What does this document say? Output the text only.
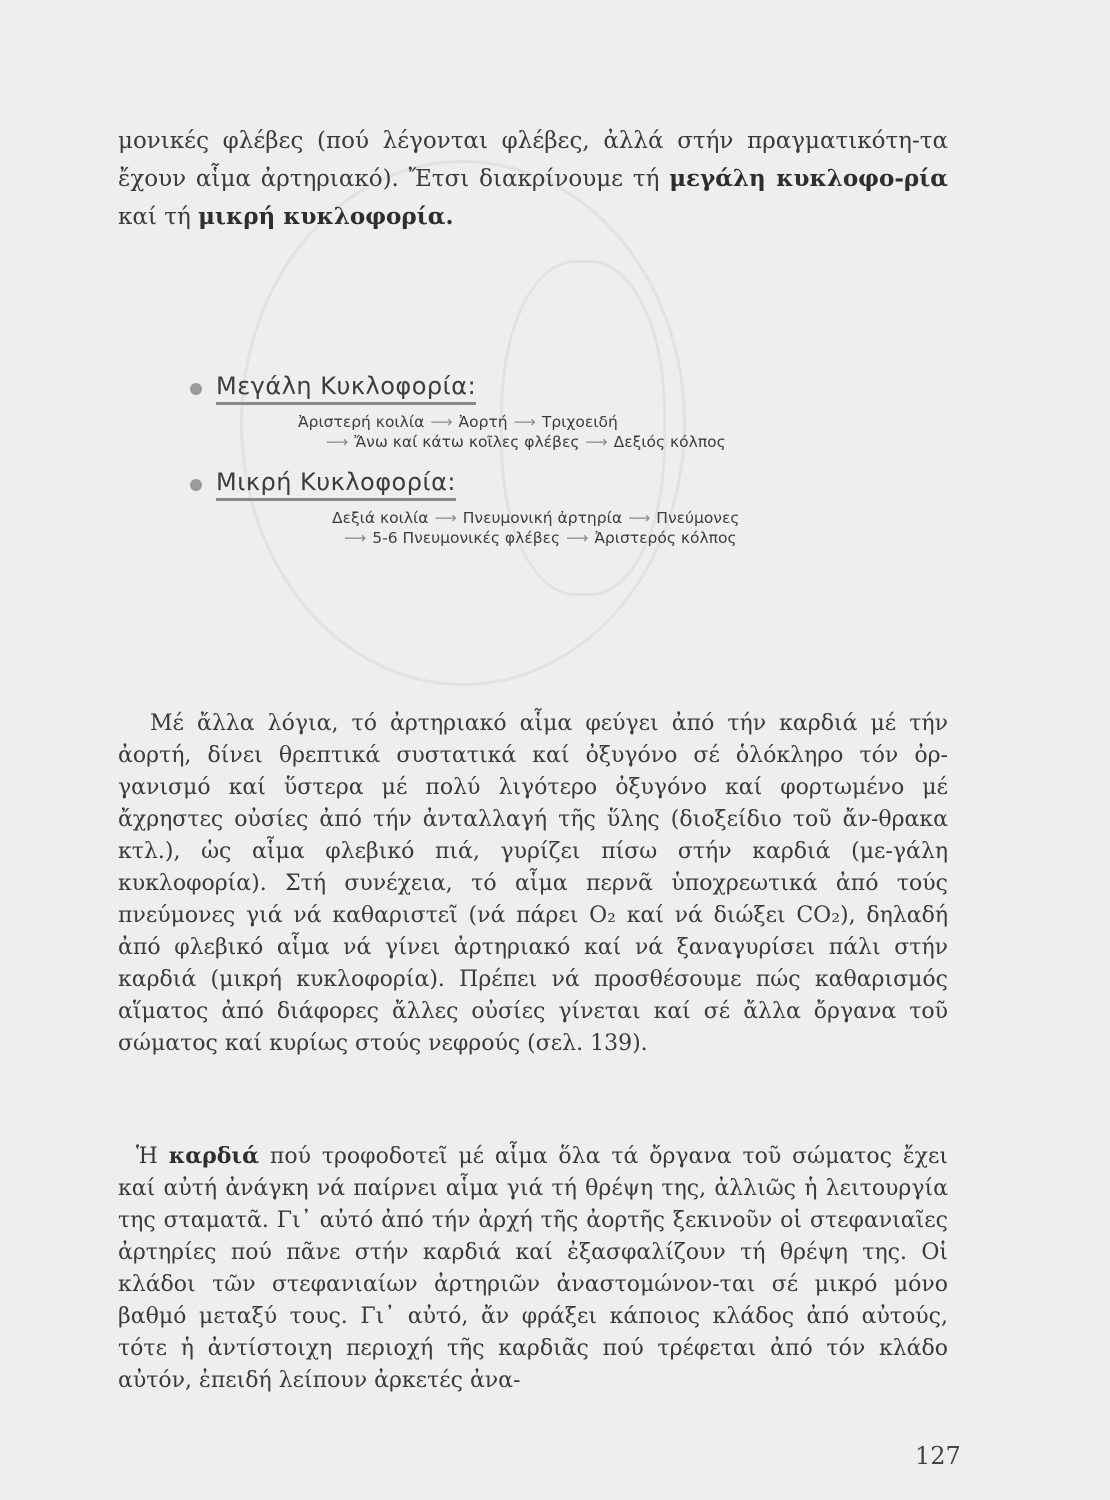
μονικές φλέβες (πού λέγονται φλέβες, ἀλλά στήν πραγματικότη-τα ἔχουν αἷμα ἀρτηριακό). Ἔτσι διακρίνουμε τή μεγάλη κυκλοφο-ρία καί τή μικρή κυκλοφορία.

Μεγάλη Κυκλοφορία:
Ἀριστερή κοιλία ⟶ Ἀορτή ⟶ Τριχοειδή
⟶ Ἄνω καί κάτω κοῖλες φλέβες ⟶ Δεξιός κόλπος
Μικρή Κυκλοφορία:
Δεξιά κοιλία ⟶ Πνευμονική ἀρτηρία ⟶ Πνεύμονες
⟶ 5-6 Πνευμονικές φλέβες ⟶ Ἀριστερός κόλπος

Μέ ἄλλα λόγια, τό ἀρτηριακό αἷμα φεύγει ἀπό τήν καρδιά μέ τήν ἀορτή, δίνει θρεπτικά συστατικά καί ὀξυγόνο σέ ὁλόκληρο τόν ὀρ-γανισμό καί ὕστερα μέ πολύ λιγότερο ὀξυγόνο καί φορτωμένο μέ ἄχρηστες οὐσίες ἀπό τήν ἀνταλλαγή τῆς ὕλης (διοξείδιο τοῦ ἄν-θρακα κτλ.), ὡς αἷμα φλεβικό πιά, γυρίζει πίσω στήν καρδιά (με-γάλη κυκλοφορία). Στή συνέχεια, τό αἷμα περνᾶ ὑποχρεωτικά ἀπό τούς πνεύμονες γιά νά καθαριστεῖ (νά πάρει O₂ καί νά διώξει CO₂), δηλαδή ἀπό φλεβικό αἷμα νά γίνει ἀρτηριακό καί νά ξαναγυρίσει πάλι στήν καρδιά (μικρή κυκλοφορία). Πρέπει νά προσθέσουμε πώς καθαρισμός αἵματος ἀπό διάφορες ἄλλες οὐσίες γίνεται καί σέ ἄλλα ὄργανα τοῦ σώματος καί κυρίως στούς νεφρούς (σελ. 139).

Ἡ καρδιά πού τροφοδοτεῖ μέ αἷμα ὅλα τά ὄργανα τοῦ σώματος ἔχει καί αὐτή ἀνάγκη νά παίρνει αἷμα γιά τή θρέψη της, ἀλλιῶς ἡ λειτουργία της σταματᾶ. Γι᾽ αὐτό ἀπό τήν ἀρχή τῆς ἀορτῆς ξεκινοῦν οἱ στεφανιαῖες ἀρτηρίες πού πᾶνε στήν καρδιά καί ἐξασφαλίζουν τή θρέψη της. Οἱ κλάδοι τῶν στεφανιαίων ἀρτηριῶν ἀναστομώνον-ται σέ μικρό μόνο βαθμό μεταξύ τους. Γι᾽ αὐτό, ἄν φράξει κάποιος κλάδος ἀπό αὐτούς, τότε ἡ ἀντίστοιχη περιοχή τῆς καρδιᾶς πού τρέφεται ἀπό τόν κλάδο αὐτόν, ἐπειδή λείπουν ἀρκετές ἀνα-

127
